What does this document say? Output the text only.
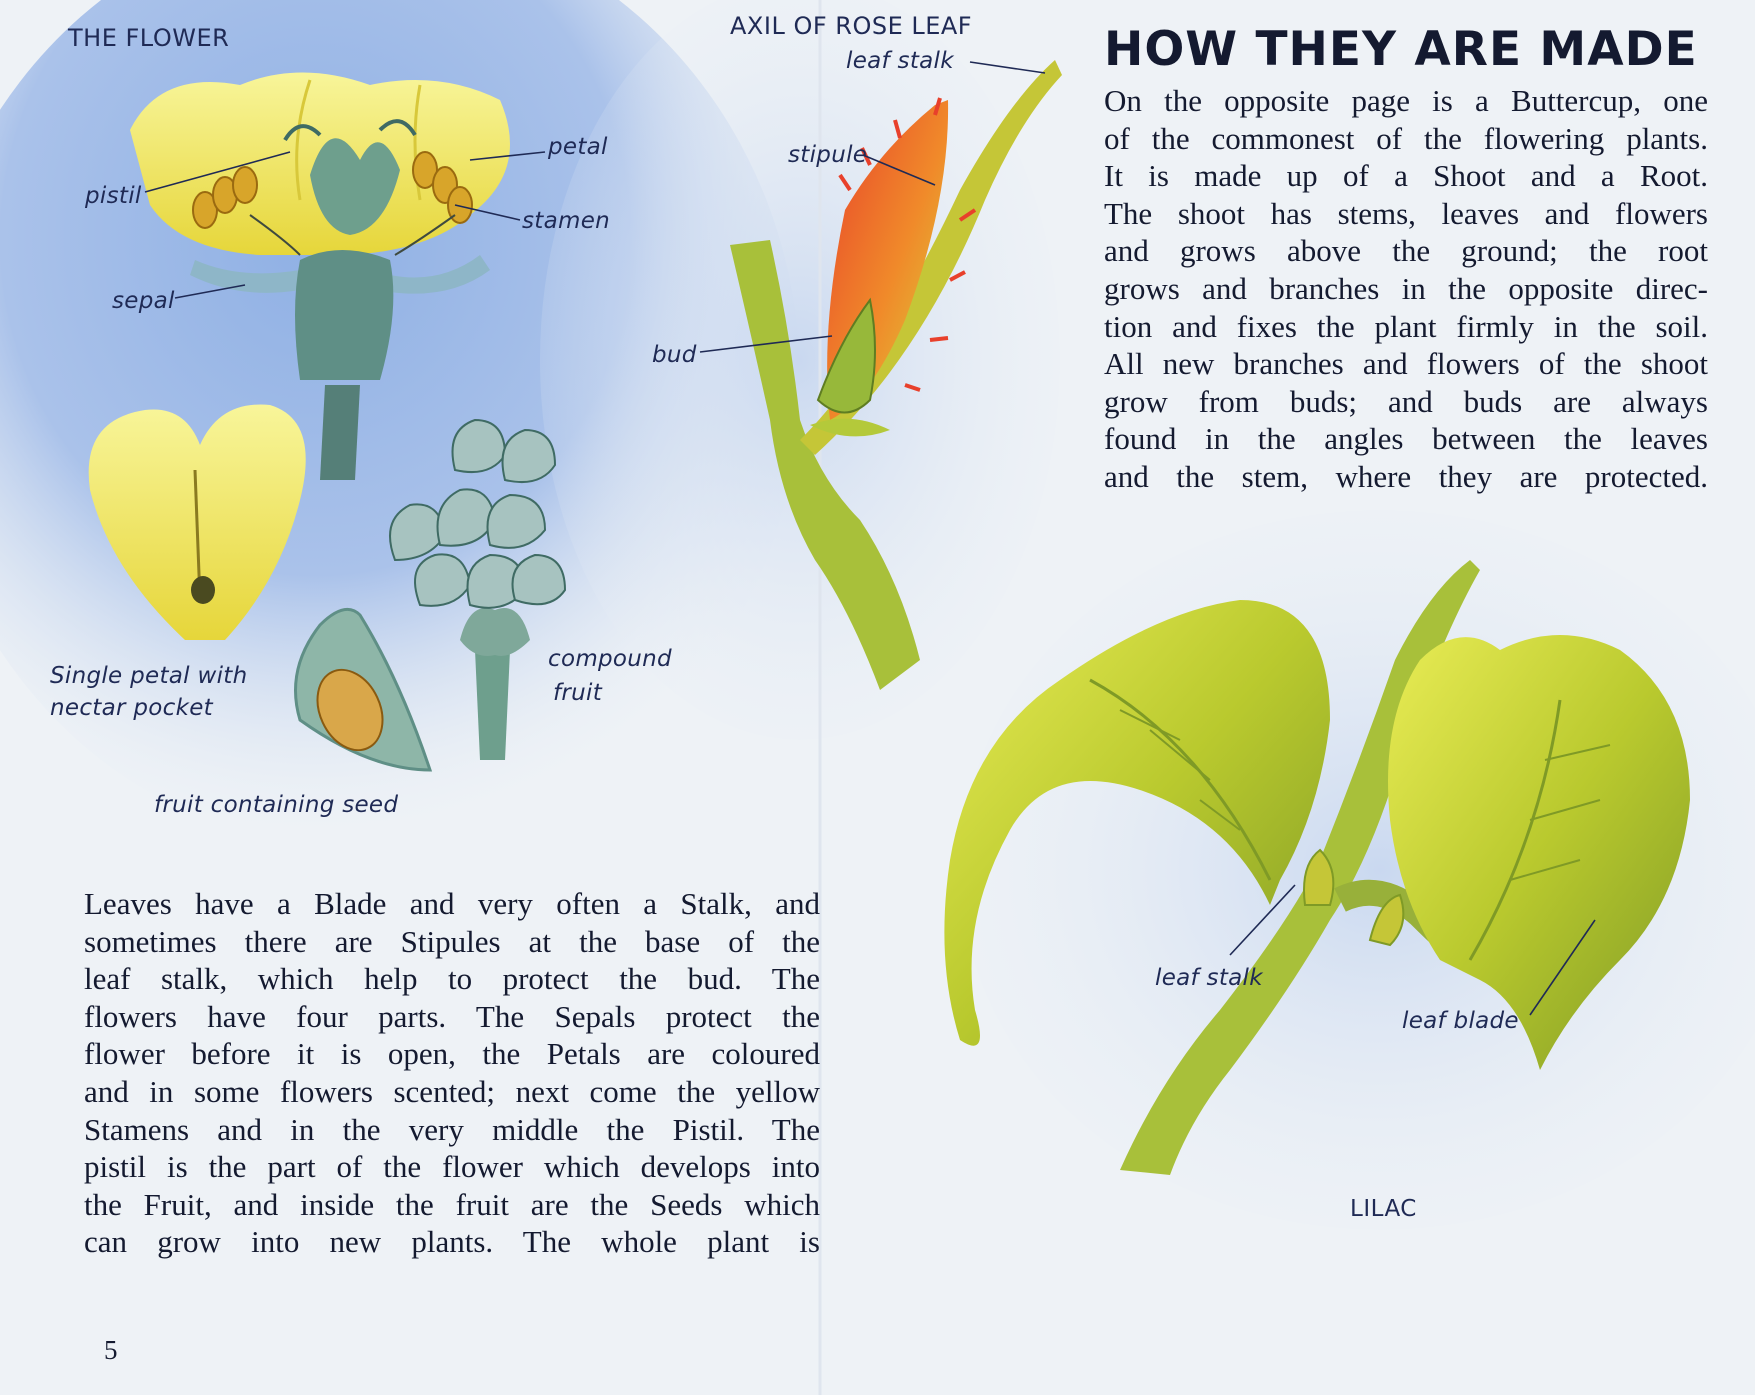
THE FLOWER
pistil
petal
stamen
sepal
Single petal with
nectar pocket
compound
fruit
fruit containing seed
AXIL OF ROSE LEAF
leaf stalk
stipule
bud
HOW THEY ARE MADE
On the opposite page is a Buttercup, one
of the commonest of the flowering plants.
It is made up of a Shoot and a Root.
The shoot has stems, leaves and flowers
and grows above the ground; the root
grows and branches in the opposite direc-
tion and fixes the plant firmly in the soil.
All new branches and flowers of the shoot
grow from buds; and buds are always
found in the angles between the leaves
and the stem, where they are protected.
Leaves have a Blade and very often a Stalk, and
sometimes there are Stipules at the base of the
leaf stalk, which help to protect the bud. The
flowers have four parts. The Sepals protect the
flower before it is open, the Petals are coloured
and in some flowers scented; next come the yellow
Stamens and in the very middle the Pistil. The
pistil is the part of the flower which develops into
the Fruit, and inside the fruit are the Seeds which
can grow into new plants. The whole plant is
leaf stalk
leaf blade
LILAC
5
